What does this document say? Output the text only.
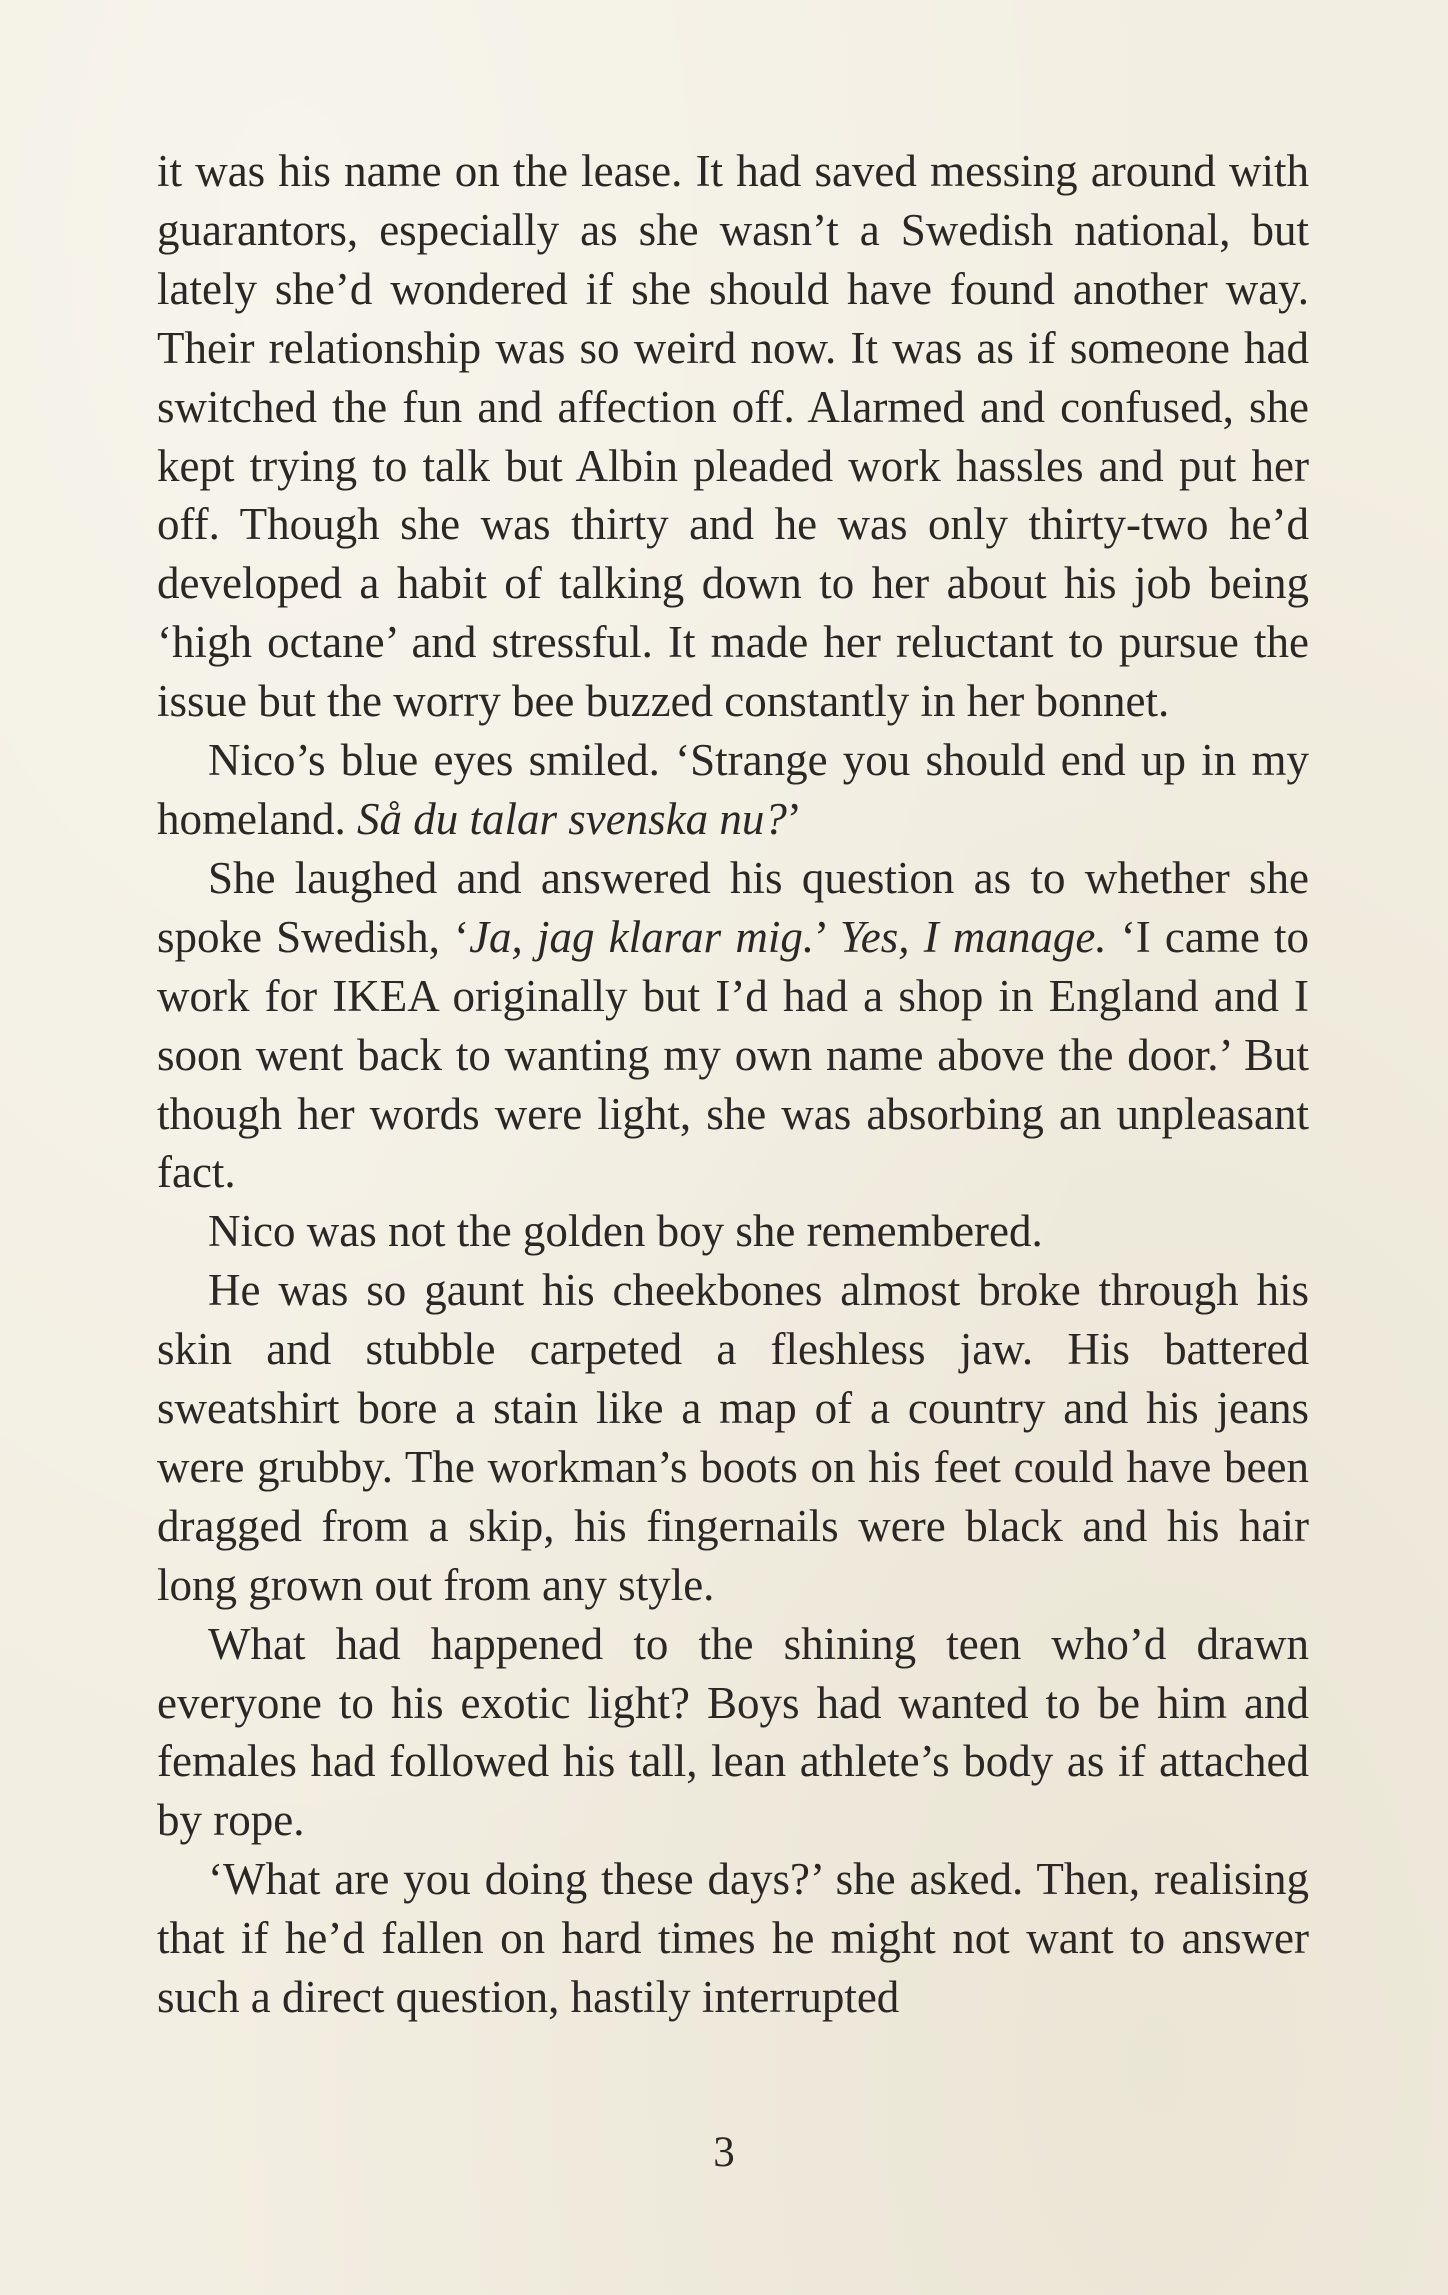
it was his name on the lease. It had saved messing around with guarantors, especially as she wasn’t a Swedish national, but lately she’d wondered if she should have found another way. Their relationship was so weird now. It was as if someone had switched the fun and affection off. Alarmed and confused, she kept trying to talk but Albin pleaded work hassles and put her off. Though she was thirty and he was only thirty-two he’d developed a habit of talking down to her about his job being ‘high octane’ and stressful. It made her reluctant to pursue the issue but the worry bee buzzed constantly in her bonnet.

Nico’s blue eyes smiled. ‘Strange you should end up in my homeland. Så du talar svenska nu?’

She laughed and answered his question as to whether she spoke Swedish, ‘Ja, jag klarar mig.’ Yes, I manage. ‘I came to work for IKEA originally but I’d had a shop in England and I soon went back to wanting my own name above the door.’ But though her words were light, she was absorbing an unpleasant fact.

Nico was not the golden boy she remembered.

He was so gaunt his cheekbones almost broke through his skin and stubble carpeted a fleshless jaw. His battered sweatshirt bore a stain like a map of a country and his jeans were grubby. The workman’s boots on his feet could have been dragged from a skip, his fingernails were black and his hair long grown out from any style.

What had happened to the shining teen who’d drawn everyone to his exotic light? Boys had wanted to be him and females had followed his tall, lean athlete’s body as if attached by rope.

‘What are you doing these days?’ she asked. Then, realising that if he’d fallen on hard times he might not want to answer such a direct question, hastily interrupted

3
